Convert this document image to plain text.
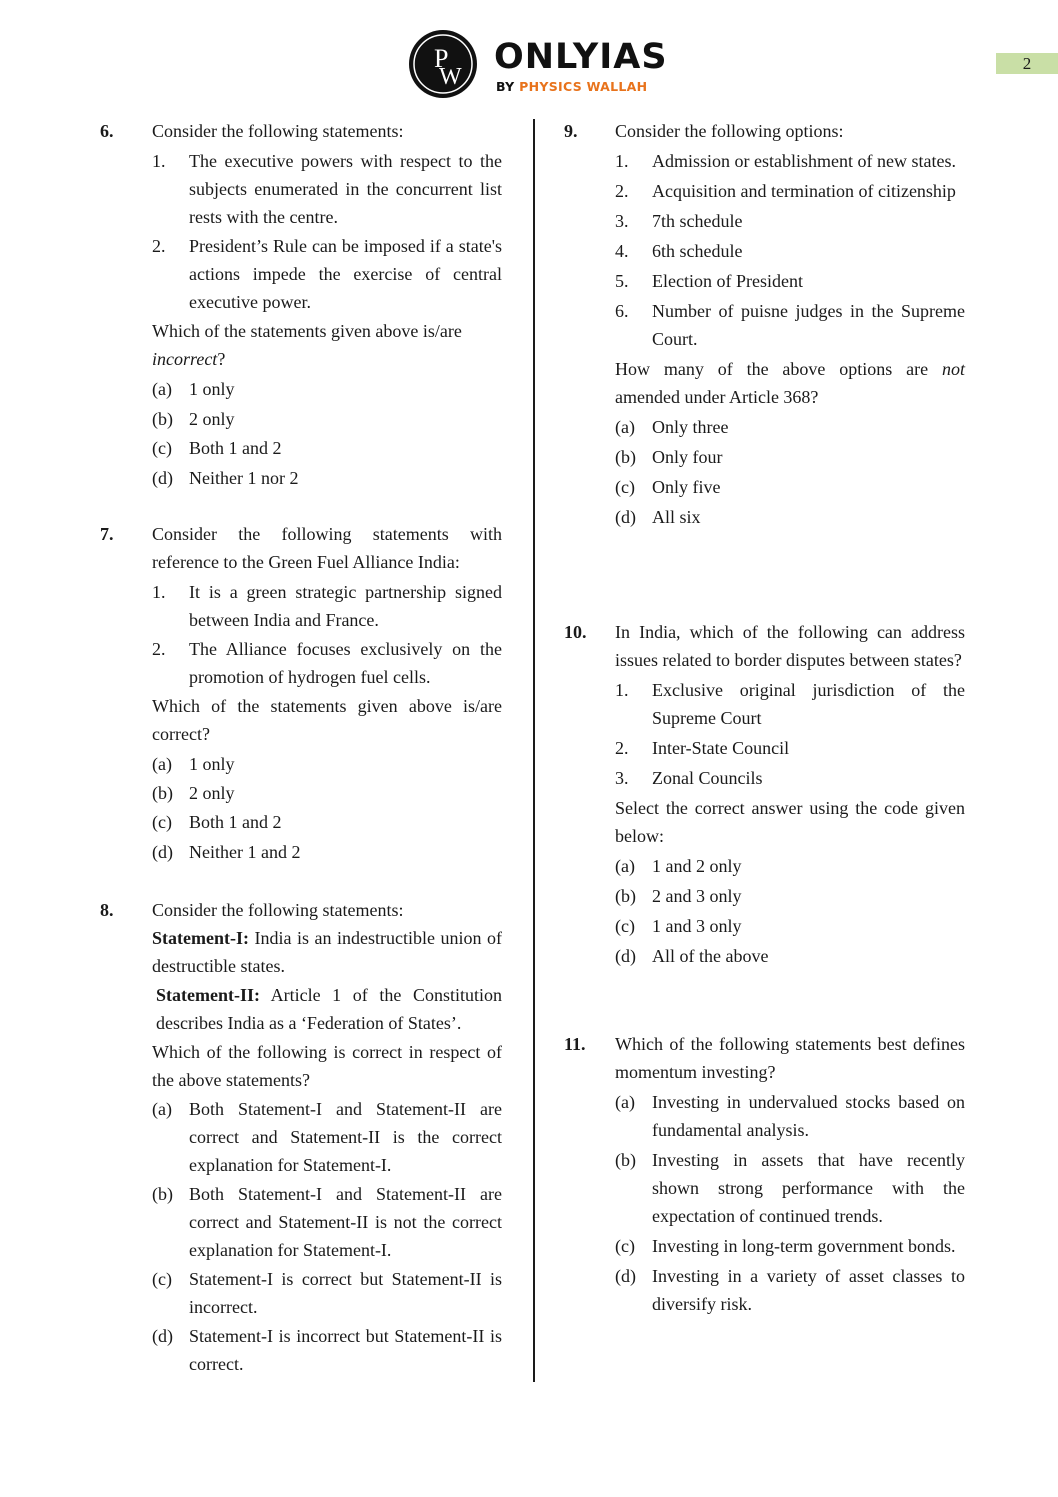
P
W ONLYIAS
BY PHYSICS WALLAH
2
6. Consider the following statements:

1.	The executive powers with respect to the subjects enumerated in the concurrent list rests with the centre.
2.	President’s Rule can be imposed if a state's actions impede the exercise of central executive power.

Which of the statements given above is/are
incorrect?

(a) 1 only
(b) 2 only
(c) Both 1 and 2
(d) Neither 1 nor 2
7. Consider the following statements with reference to the Green Fuel Alliance India:

1.	It is a green strategic partnership signed between India and France.
2.	The Alliance focuses exclusively on the promotion of hydrogen fuel cells.

Which of the statements given above is/are correct?

(a) 1 only
(b) 2 only
(c) Both 1 and 2
(d) Neither 1 and 2
8. Consider the following statements:

Statement-I: India is an indestructible union of destructible states.

Statement-II: Article 1 of the Constitution describes India as a ‘Federation of States’.

Which of the following is correct in respect of the above statements?

(a) Both Statement-I and Statement-II are correct and Statement-II is the correct explanation for Statement-I.
(b) Both Statement-I and Statement-II are correct and Statement-II is not the correct explanation for Statement-I.
(c) Statement-I is correct but Statement-II is incorrect.
(d) Statement-I is incorrect but Statement-II is correct.
9. Consider the following options:

1.	Admission or establishment of new states.
2.	Acquisition and termination of citizenship
3.	7th schedule
4.	6th schedule
5.	Election of President
6.	Number of puisne judges in the Supreme Court.

How many of the above options are not amended under Article 368?

(a) Only three
(b) Only four
(c) Only five
(d) All six
10. In India, which of the following can address issues related to border disputes between states?

1.	Exclusive original jurisdiction of the Supreme Court
2.	Inter-State Council
3.	Zonal Councils

Select the correct answer using the code given below:

(a) 1 and 2 only
(b) 2 and 3 only
(c) 1 and 3 only
(d) All of the above
11. Which of the following statements best defines momentum investing?

(a) Investing in undervalued stocks based on fundamental analysis.
(b) Investing in assets that have recently shown strong performance with the expectation of continued trends.
(c) Investing in long-term government bonds.
(d) Investing in a variety of asset classes to diversify risk.
